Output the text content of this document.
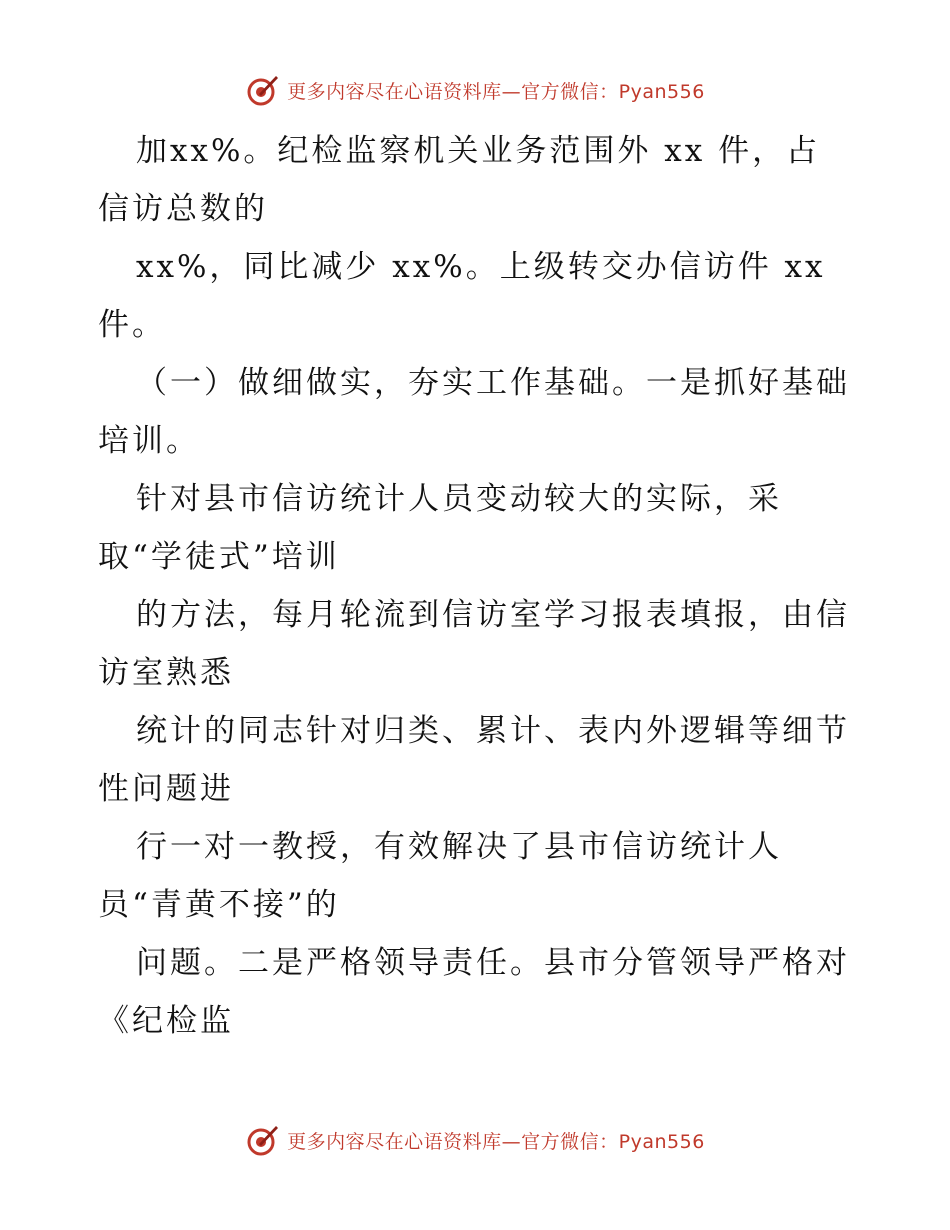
更多内容尽在心语资料库—官方微信：Pyan556
加xx%。纪检监察机关业务范围外 xx 件，占
信访总数的
xx%，同比减少 xx%。上级转交办信访件 xx
件。
（一）做细做实，夯实工作基础。一是抓好基础
培训。
针对县市信访统计人员变动较大的实际，采
取“学徒式”培训
的方法，每月轮流到信访室学习报表填报，由信
访室熟悉
统计的同志针对归类、累计、表内外逻辑等细节
性问题进
行一对一教授，有效解决了县市信访统计人
员“青黄不接”的
问题。二是严格领导责任。县市分管领导严格对
《纪检监
更多内容尽在心语资料库—官方微信：Pyan556
